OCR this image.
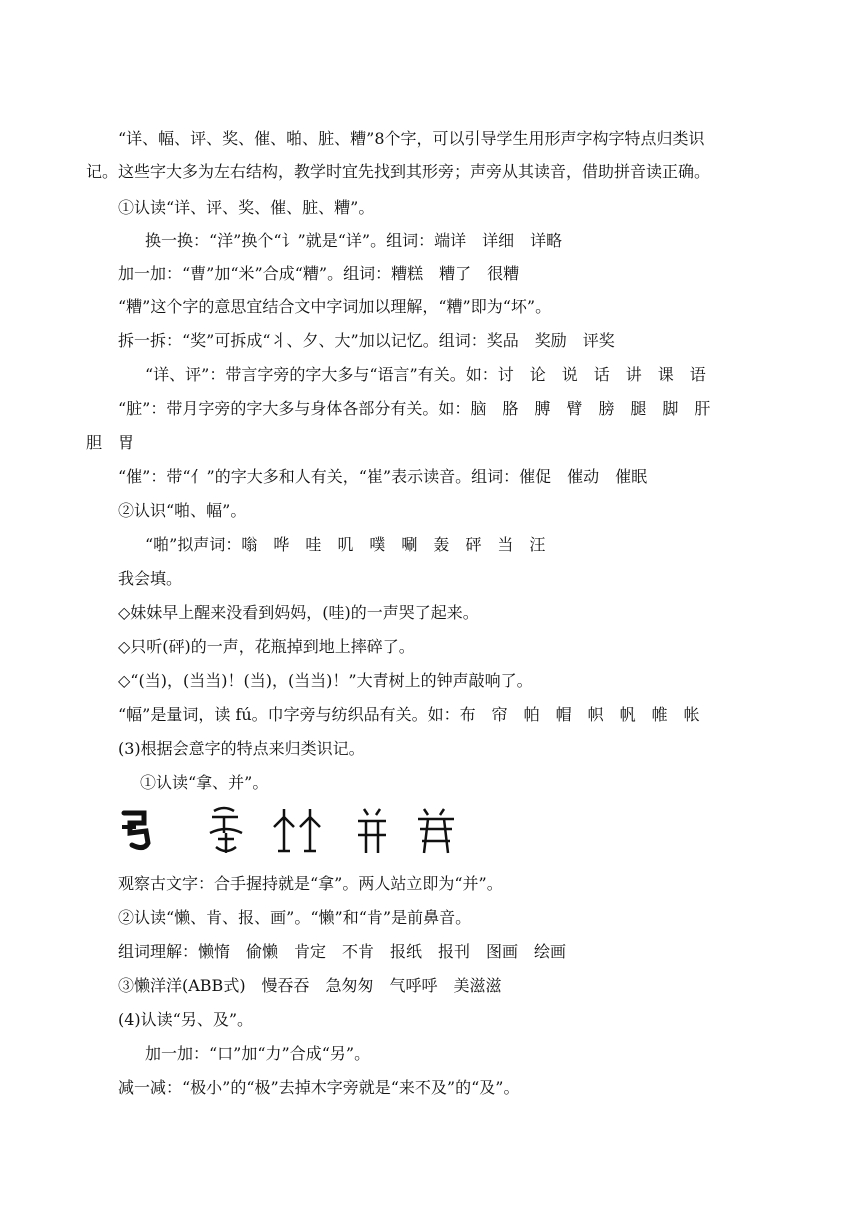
“详、幅、评、奖、催、啪、脏、糟”8个字，可以引导学生用形声字构字特点归类识
记。这些字大多为左右结构，教学时宜先找到其形旁；声旁从其读音，借助拼音读正确。
①认读“详、评、奖、催、脏、糟”。
换一换：“洋”换个“讠”就是“详”。组词：端详　详细　详略
加一加：“曹”加“米”合成“糟”。组词：糟糕　糟了　很糟
“糟”这个字的意思宜结合文中字词加以理解，“糟”即为“坏”。
拆一拆：“奖”可拆成“丬、夕、大”加以记忆。组词：奖品　奖励　评奖
“详、评”：带言字旁的字大多与“语言”有关。如：讨　论　说　话　讲　课　语
“脏”：带月字旁的字大多与身体各部分有关。如：脑　胳　膊　臂　膀　腿　脚　肝
胆　胃
“催”：带“亻”的字大多和人有关，“崔”表示读音。组词：催促　催动　催眠
②认识“啪、幅”。
“啪”拟声词：嗡　哗　哇　叽　噗　唰　轰　砰　当　汪
我会填。
◇妹妹早上醒来没看到妈妈，(哇)的一声哭了起来。
◇只听(砰)的一声，花瓶掉到地上摔碎了。
◇“(当)，(当当)！(当)，(当当)！”大青树上的钟声敲响了。
“幅”是量词，读 fú。巾字旁与纺织品有关。如：布　帘　帕　帽　帜　帆　帷　帐
(3)根据会意字的特点来归类识记。
①认读“拿、并”。
观察古文字：合手握持就是“拿”。两人站立即为“并”。
②认读“懒、肯、报、画”。“懒”和“肯”是前鼻音。
组词理解：懒惰　偷懒　肯定　不肯　报纸　报刊　图画　绘画
③懒洋洋(ABB式)　慢吞吞　急匆匆　气呼呼　美滋滋
(4)认读“另、及”。
加一加：“口”加“力”合成“另”。
减一减：“极小”的“极”去掉木字旁就是“来不及”的“及”。
